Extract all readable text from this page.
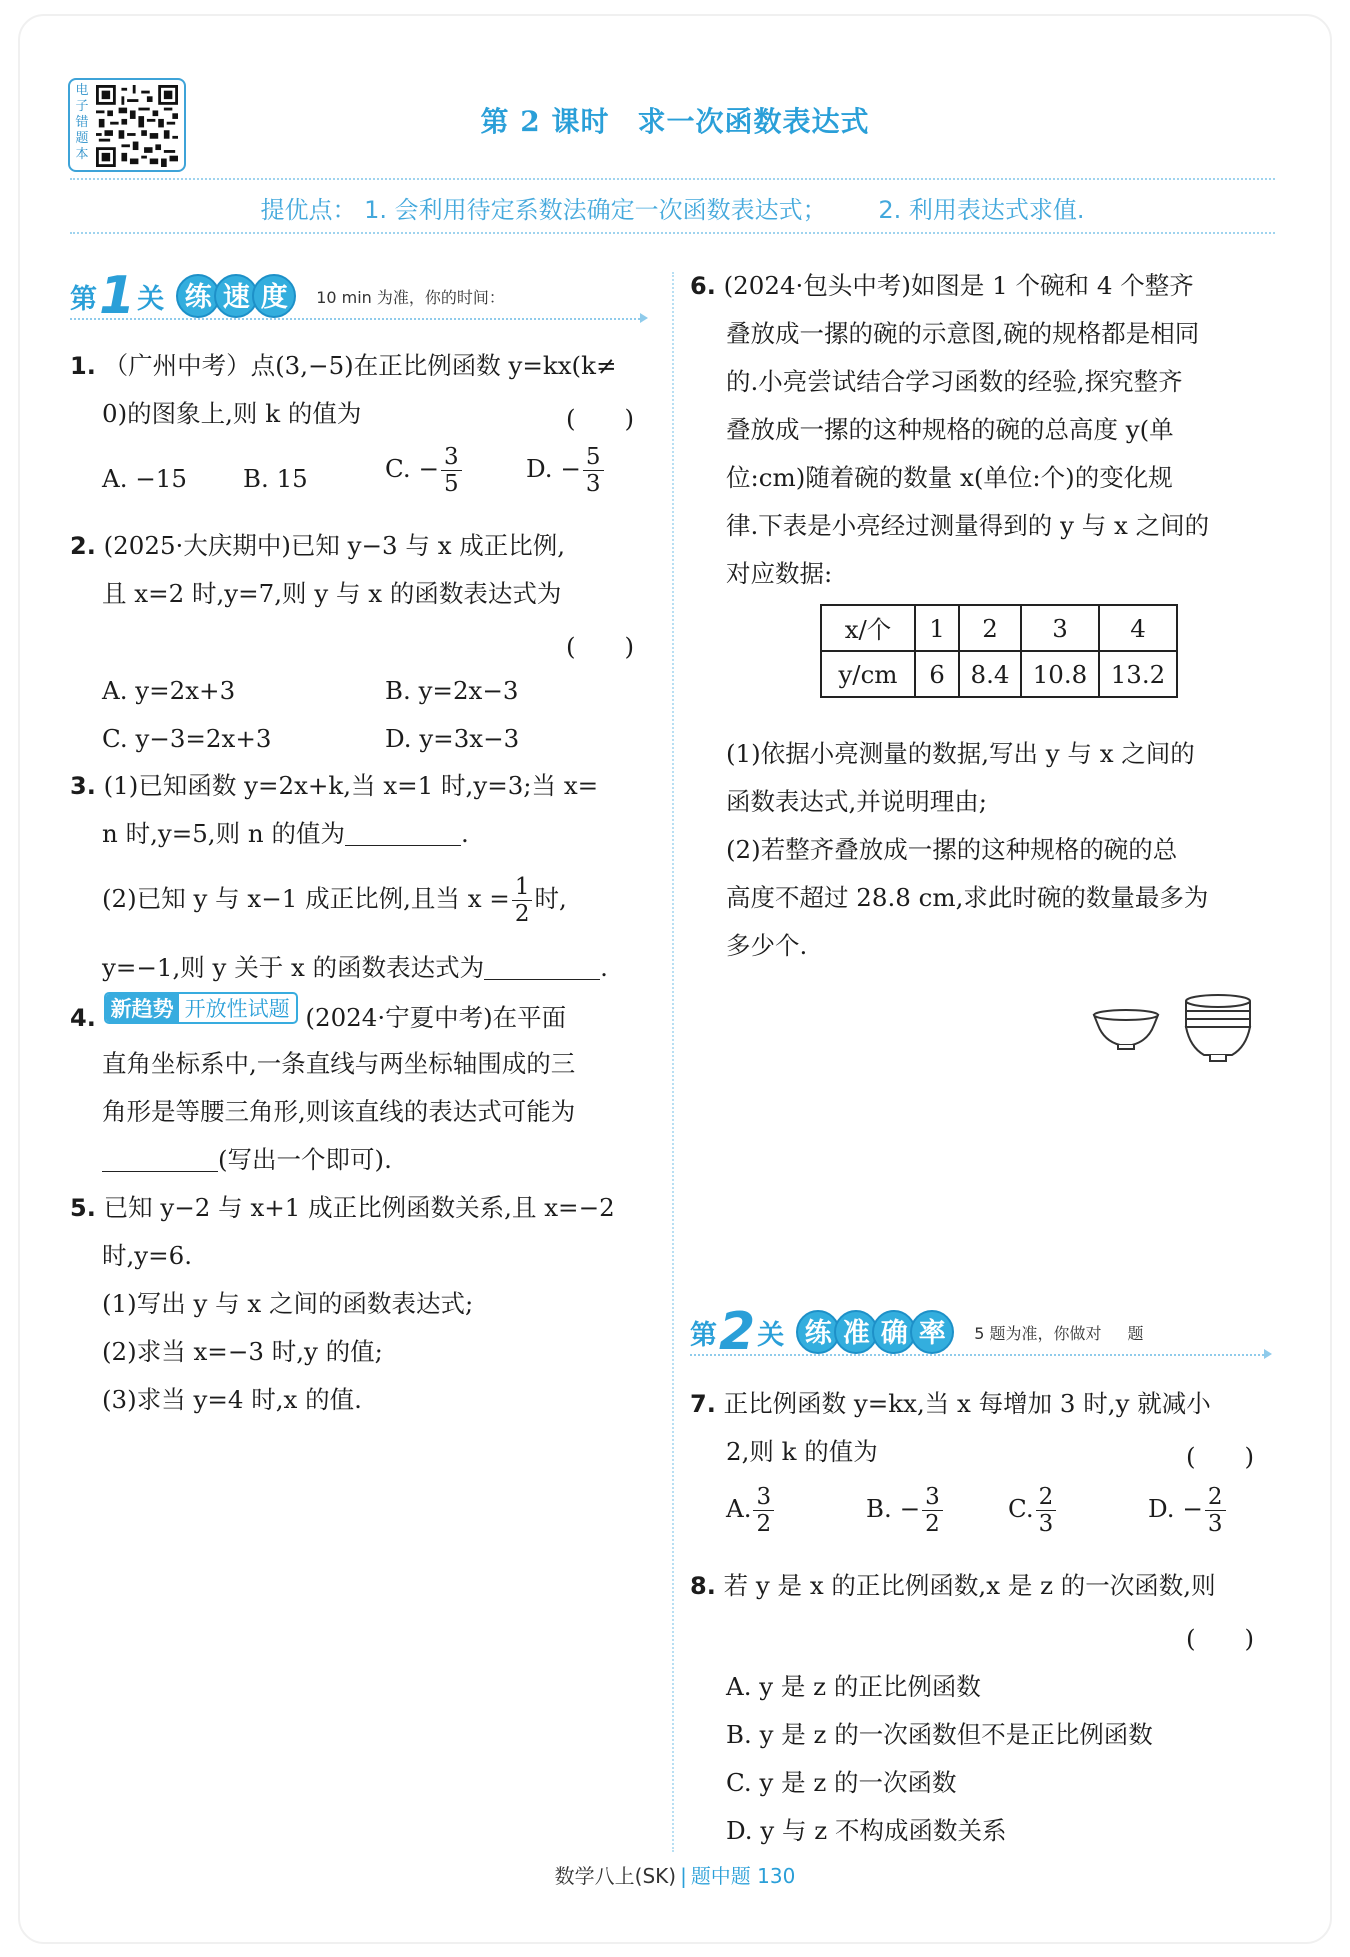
电子错题本
第 2 课时 求一次函数表达式
提优点： 1. 会利用待定系数法确定一次函数表达式； 2. 利用表达式求值.
第 1 关 练 速 度	10 min 为准，你的时间：
1. （广州中考）点(3,−5)在正比例函数 y=kx(k≠
0)的图象上,则 k 的值为	(　　)
A. −15 B. 15	C. − $\frac{3}{5}$	D. − $\frac{5}{3}$
2. (2025·大庆期中)已知 y−3 与 x 成正比例,
且 x=2 时,y=7,则 y 与 x 的函数表达式为
(　　)
A. y=2x+3	B. y=2x−3
C. y−3=2x+3	D. y=3x−3
3. (1)已知函数 y=2x+k,当 x=1 时,y=3;当 x=
n 时,y=5,则 n 的值为	.
(2)已知 y 与 x−1 成正比例,且当 $x = \frac{1}{2}$ 时,
y=−1,则 y 关于 x 的函数表达式为	.
4. 新趋势 开放性试题 (2024·宁夏中考)在平面
直角坐标系中,一条直线与两坐标轴围成的三
角形是等腰三角形,则该直线的表达式可能为
(写出一个即可).
5. 已知 y−2 与 x+1 成正比例函数关系,且 x=−2
时,y=6.
(1)写出 y 与 x 之间的函数表达式;
(2)求当 x=−3 时,y 的值;
(3)求当 y=4 时,x 的值.
6. (2024·包头中考)如图是 1 个碗和 4 个整齐
叠放成一摞的碗的示意图,碗的规格都是相同
的.小亮尝试结合学习函数的经验,探究整齐
叠放成一摞的这种规格的碗的总高度 y(单
位:cm)随着碗的数量 x(单位:个)的变化规
律.下表是小亮经过测量得到的 y 与 x 之间的
对应数据:
x/个	1	2	3	4
y/cm	6	8.4	10.8	13.2
(1)依据小亮测量的数据,写出 y 与 x 之间的
函数表达式,并说明理由;
(2)若整齐叠放成一摞的这种规格的碗的总
高度不超过 28.8 cm,求此时碗的数量最多为
多少个.
第 2 关 练 准 确 率	5 题为准，你做对 题
7. 正比例函数 y=kx,当 x 每增加 3 时,y 就减小
2,则 k 的值为	(　　)
A. $\frac{3}{2}$	B. − $\frac{3}{2}$	C. $\frac{2}{3}$	D. − $\frac{2}{3}$
8. 若 y 是 x 的正比例函数,x 是 z 的一次函数,则
(　　)
A. y 是 z 的正比例函数
B. y 是 z 的一次函数但不是正比例函数
C. y 是 z 的一次函数
D. y 与 z 不构成函数关系
数学八上(SK) | 题中题 130
